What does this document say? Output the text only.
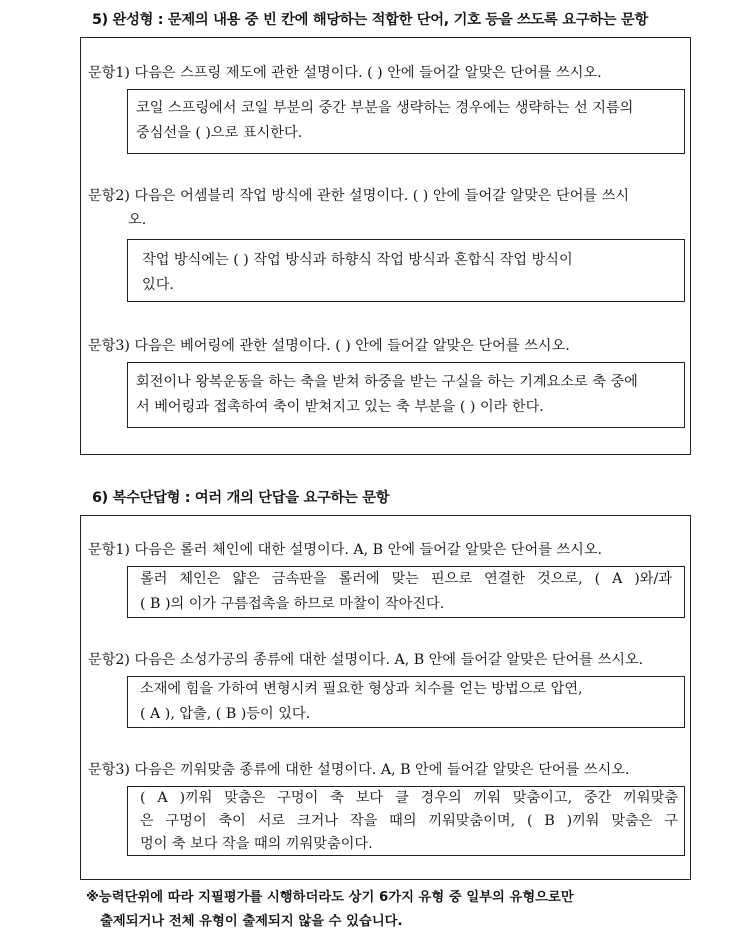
5) 완성형 : 문제의 내용 중 빈 칸에 해당하는 적합한 단어, 기호 등을 쓰도록 요구하는 문항
문항1) 다음은 스프링 제도에 관한 설명이다. ( ) 안에 들어갈 알맞은 단어를 쓰시오.
코일 스프링에서 코일 부분의 중간 부분을 생략하는 경우에는 생략하는 선 지름의
중심선을 ( )으로 표시한다.
문항2) 다음은 어셈블리 작업 방식에 관한 설명이다. ( ) 안에 들어갈 알맞은 단어를 쓰시
오.
작업 방식에는 ( ) 작업 방식과 하향식 작업 방식과 혼합식 작업 방식이
있다.
문항3) 다음은 베어링에 관한 설명이다. ( ) 안에 들어갈 알맞은 단어를 쓰시오.
회전이나 왕복운동을 하는 축을 받쳐 하중을 받는 구실을 하는 기계요소로 축 중에
서 베어링과 접촉하여 축이 받쳐지고 있는 축 부분을 ( ) 이라 한다.
6) 복수단답형 : 여러 개의 단답을 요구하는 문항
문항1) 다음은 롤러 체인에 대한 설명이다. A, B 안에 들어갈 알맞은 단어를 쓰시오.
롤러 체인은 얇은 금속판을 롤러에 맞는 핀으로 연결한 것으로, ( A )와/과
( B )의 이가 구름접촉을 하므로 마찰이 작아진다.
문항2) 다음은 소성가공의 종류에 대한 설명이다. A, B 안에 들어갈 알맞은 단어를 쓰시오.
소재에 힘을 가하여 변형시켜 필요한 형상과 치수를 얻는 방법으로 압연,
( A ), 압출, ( B )등이 있다.
문항3) 다음은 끼워맞춤 종류에 대한 설명이다. A, B 안에 들어갈 알맞은 단어를 쓰시오.
( A )끼워 맞춤은 구멍이 축 보다 클 경우의 끼워 맞춤이고, 중간 끼워맞춤
은 구멍이 축이 서로 크거나 작을 때의 끼워맞춤이며, ( B )끼워 맞춤은 구
멍이 축 보다 작을 때의 끼워맞춤이다.
※능력단위에 따라 지필평가를 시행하더라도 상기 6가지 유형 중 일부의 유형으로만
출제되거나 전체 유형이 출제되지 않을 수 있습니다.
